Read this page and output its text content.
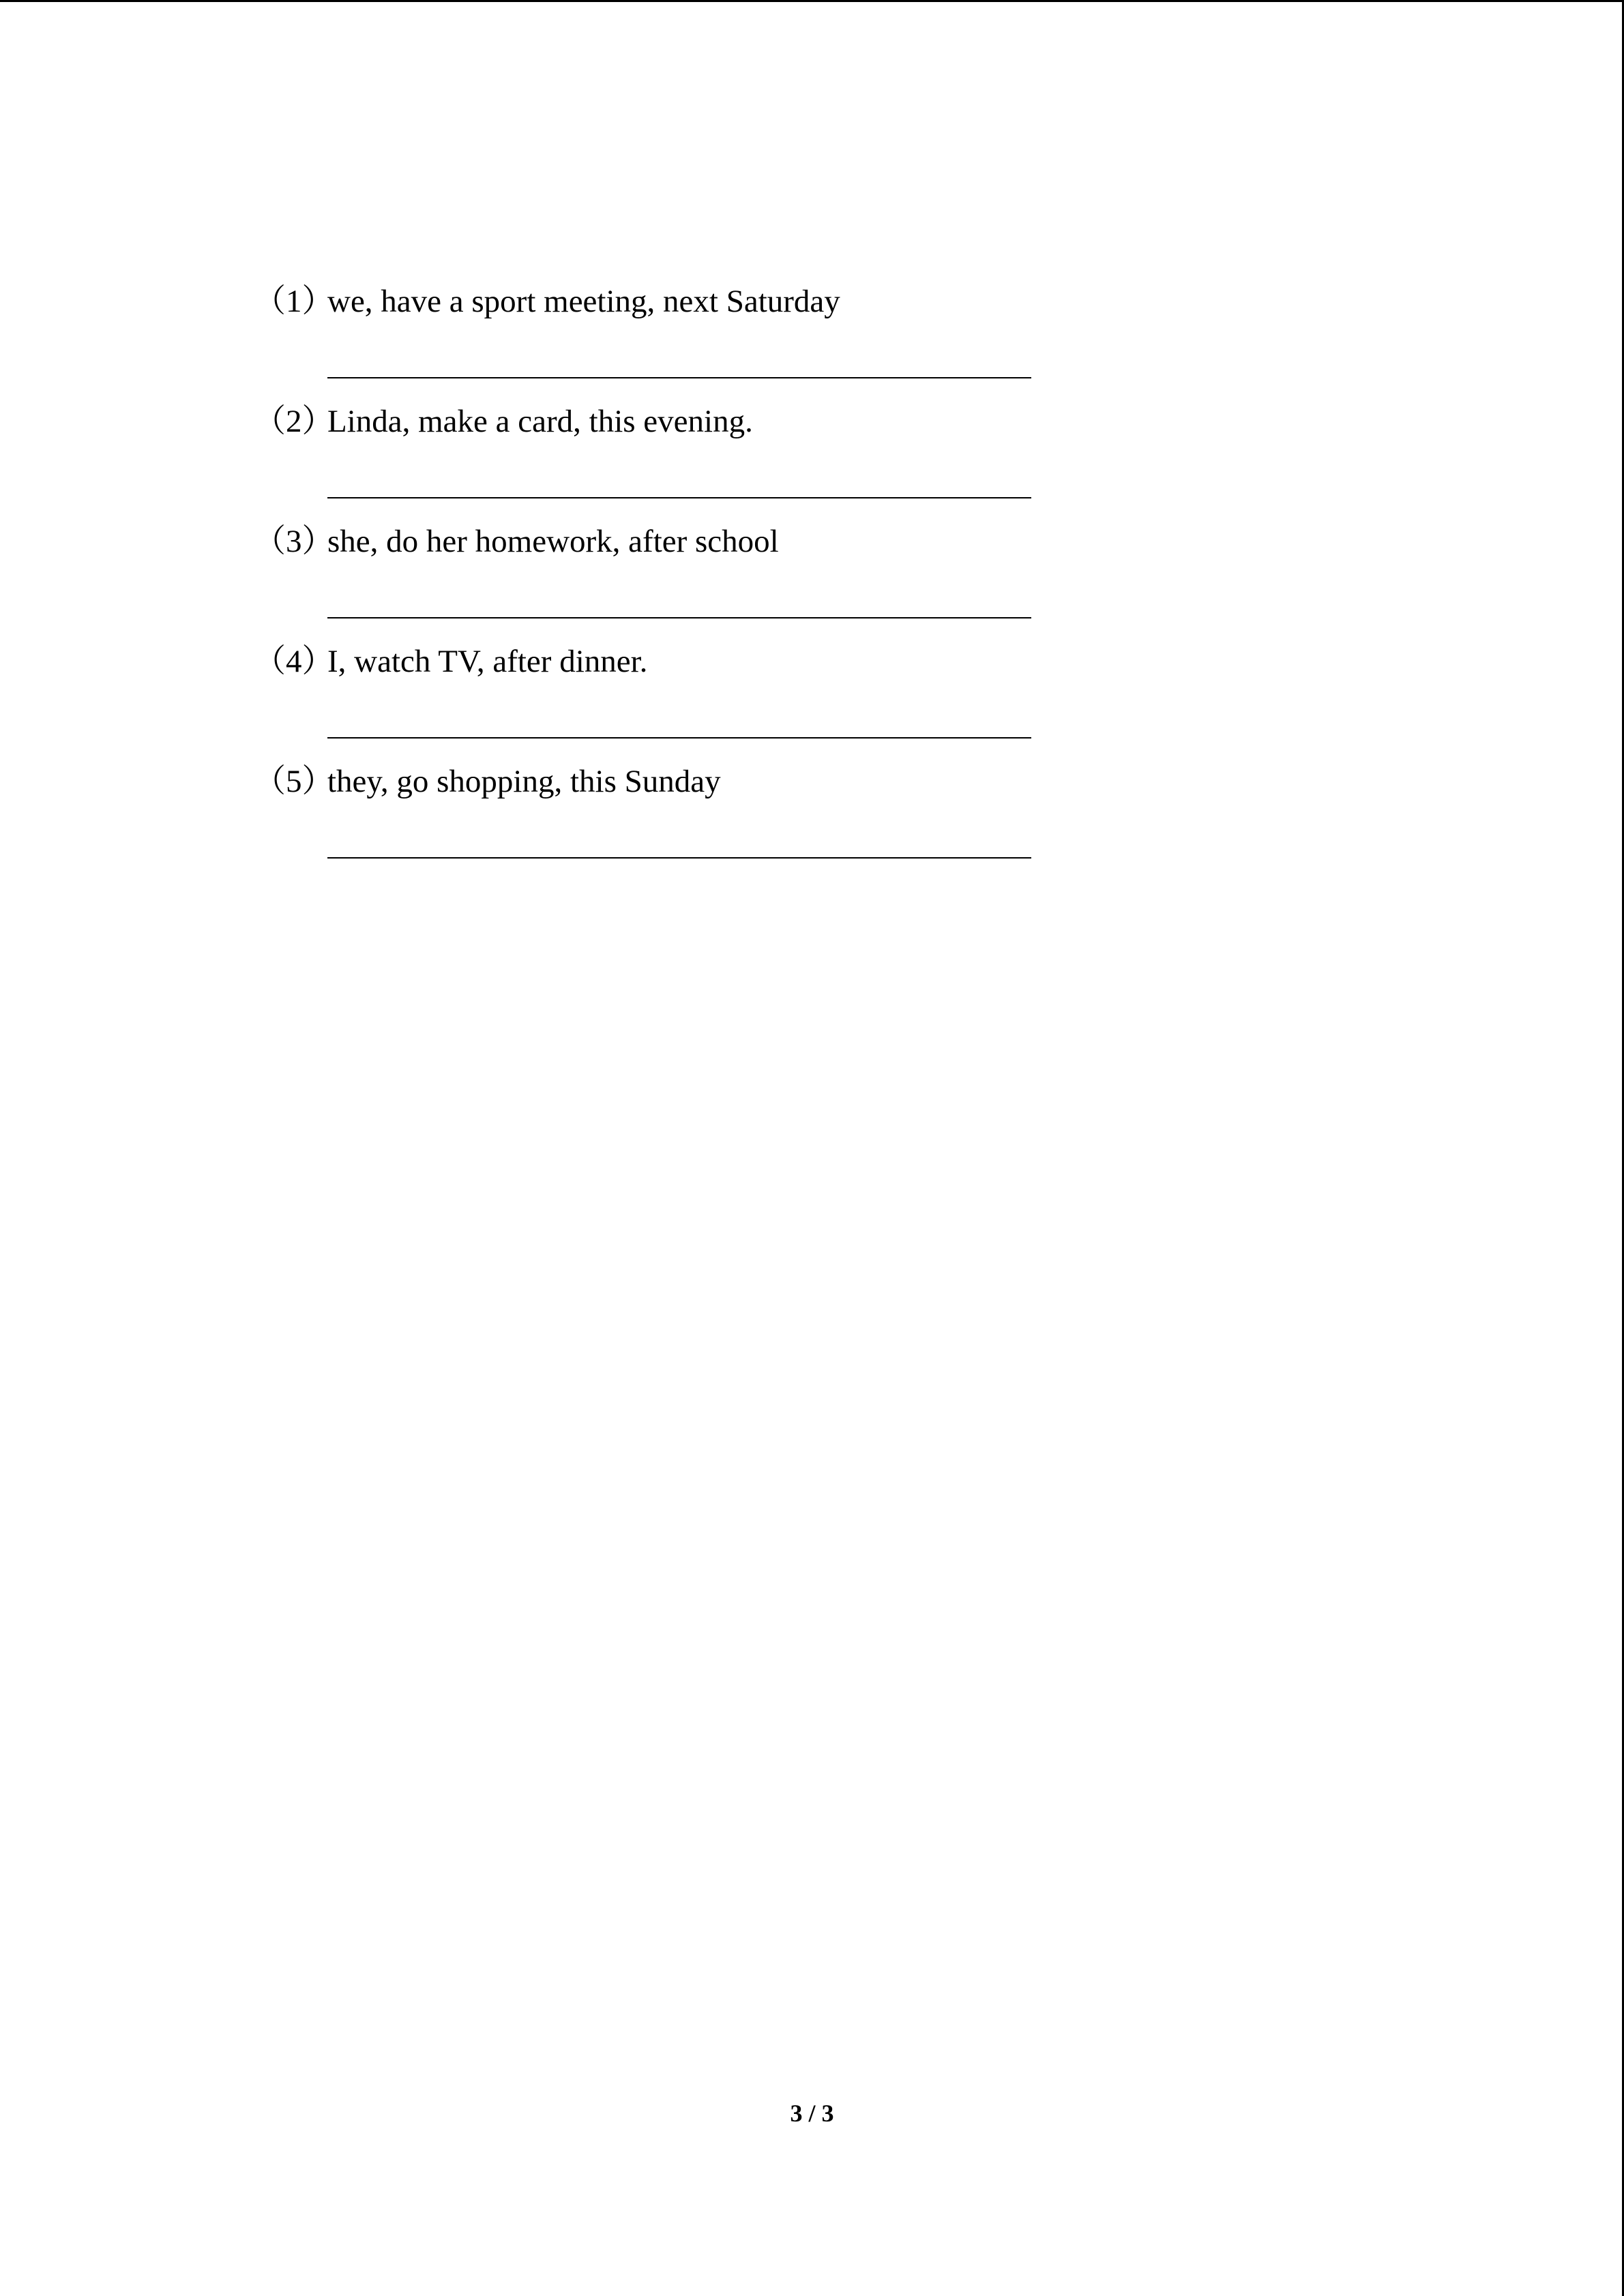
（1）we, have a sport meeting, next Saturday
（2）Linda, make a card, this evening.
（3）she, do her homework, after school
（4）I, watch TV, after dinner.
（5）they, go shopping, this Sunday
3 / 3
